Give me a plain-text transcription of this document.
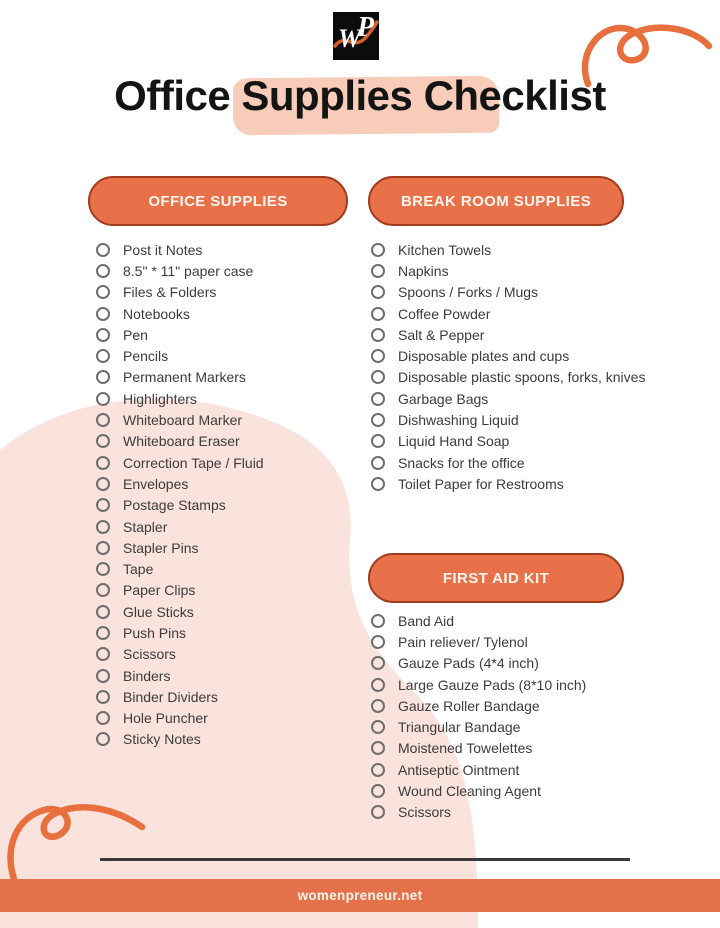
W
P
Office Supplies Checklist
OFFICE SUPPLIES	BREAK ROOM SUPPLIES
FIRST AID KIT
Post it Notes
8.5" * 11" paper case
Files & Folders
Notebooks
Pen
Pencils
Permanent Markers
Highlighters
Whiteboard Marker
Whiteboard Eraser
Correction Tape / Fluid
Envelopes
Postage Stamps
Stapler
Stapler Pins
Tape
Paper Clips
Glue Sticks
Push Pins
Scissors
Binders
Binder Dividers
Hole Puncher
Sticky Notes
Kitchen Towels
Napkins
Spoons / Forks / Mugs
Coffee Powder
Salt & Pepper
Disposable plates and cups
Disposable plastic spoons, forks, knives
Garbage Bags
Dishwashing Liquid
Liquid Hand Soap
Snacks for the office
Toilet Paper for Restrooms
Band Aid
Pain reliever/ Tylenol
Gauze Pads (4*4 inch)
Large Gauze Pads (8*10 inch)
Gauze Roller Bandage
Triangular Bandage
Moistened Towelettes
Antiseptic Ointment
Wound Cleaning Agent
Scissors
womenpreneur.net
